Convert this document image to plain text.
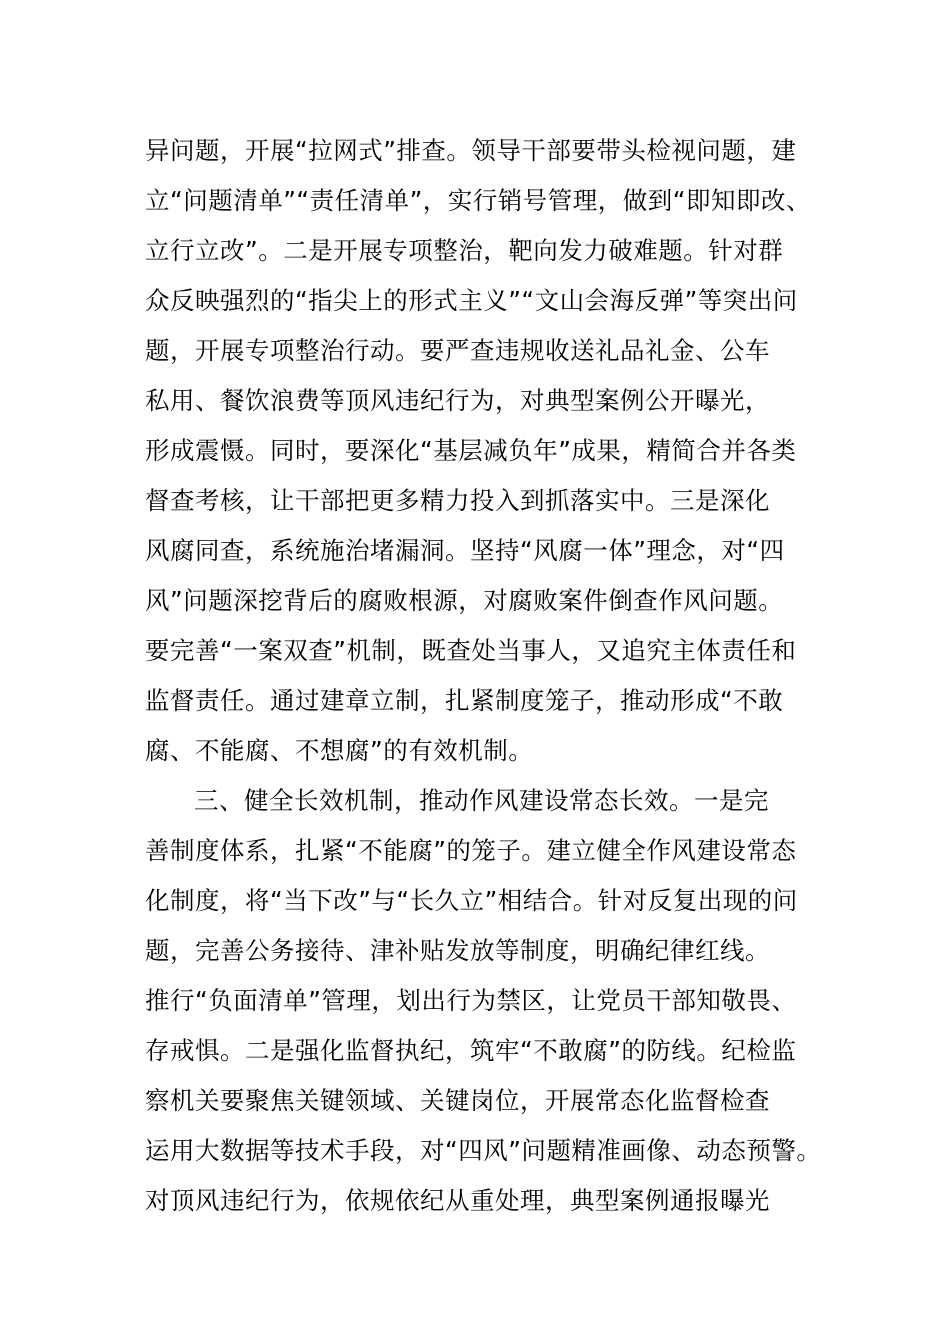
异问题，开展“拉网式”排查。领导干部要带头检视问题，建
立“问题清单”“责任清单”，实行销号管理，做到“即知即改、
立行立改”。二是开展专项整治，靶向发力破难题。针对群
众反映强烈的“指尖上的形式主义”“文山会海反弹”等突出问
题，开展专项整治行动。要严查违规收送礼品礼金、公车
私用、餐饮浪费等顶风违纪行为，对典型案例公开曝光，
形成震慑。同时，要深化“基层减负年”成果，精简合并各类
督查考核，让干部把更多精力投入到抓落实中。三是深化
风腐同查，系统施治堵漏洞。坚持“风腐一体”理念，对“四
风”问题深挖背后的腐败根源，对腐败案件倒查作风问题。
要完善“一案双查”机制，既查处当事人，又追究主体责任和
监督责任。通过建章立制，扎紧制度笼子，推动形成“不敢
腐、不能腐、不想腐”的有效机制。
三、健全长效机制，推动作风建设常态长效。一是完
善制度体系，扎紧“不能腐”的笼子。建立健全作风建设常态
化制度，将“当下改”与“长久立”相结合。针对反复出现的问
题，完善公务接待、津补贴发放等制度，明确纪律红线。
推行“负面清单”管理，划出行为禁区，让党员干部知敬畏、
存戒惧。二是强化监督执纪，筑牢“不敢腐”的防线。纪检监
察机关要聚焦关键领域、关键岗位，开展常态化监督检查
运用大数据等技术手段，对“四风”问题精准画像、动态预警。
对顶风违纪行为，依规依纪从重处理，典型案例通报曝光
